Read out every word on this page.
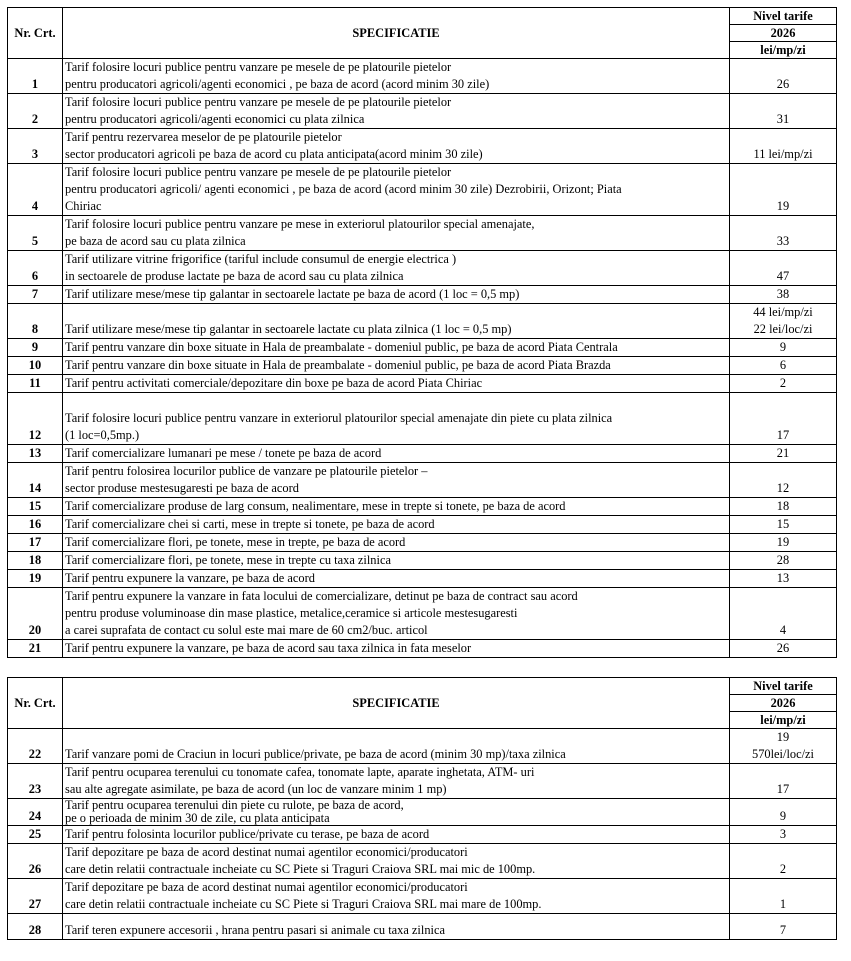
Nr. Crt.	SPECIFICATIE	Nivel tarife
		2026
		lei/mp/zi
1	Tarif folosire locuri publice pentru vanzare pe mesele de pe platourile pietelor
pentru producatori agricoli/agenti economici , pe baza de acord (acord minim 30 zile)	26

2	Tarif folosire locuri publice pentru vanzare pe mesele de pe platourile pietelor
pentru producatori agricoli/agenti economici cu plata zilnica	31

3	Tarif pentru rezervarea meselor de pe platourile pietelor
sector producatori agricoli pe baza de acord cu plata anticipata(acord minim 30 zile)	11 lei/mp/zi

4	Tarif folosire locuri publice pentru vanzare pe mesele de pe platourile pietelor
pentru producatori agricoli/ agenti economici , pe baza de acord (acord minim 30 zile) Dezrobirii, Orizont; Piata
Chiriac	19

5	Tarif folosire locuri publice pentru vanzare pe mese in exteriorul platourilor special amenajate,
pe baza de acord sau cu plata zilnica	33

6	Tarif utilizare vitrine frigorifice (tariful include consumul de energie electrica )
in sectoarele de produse lactate pe baza de acord sau cu plata zilnica	47

7	Tarif utilizare mese/mese tip galantar in sectoarele lactate pe baza de acord (1 loc = 0,5 mp)	38

8	Tarif utilizare mese/mese tip galantar in sectoarele lactate cu plata zilnica (1 loc = 0,5 mp)	44 lei/mp/zi
22 lei/loc/zi

9	Tarif pentru vanzare din boxe situate in Hala de preambalate - domeniul public, pe baza de acord Piata Centrala	9

10	Tarif pentru vanzare din boxe situate in Hala de preambalate - domeniul public, pe baza de acord Piata Brazda	6

11	Tarif pentru activitati comerciale/depozitare din boxe pe baza de acord Piata Chiriac	2

12	Tarif folosire locuri publice pentru vanzare in exteriorul platourilor special amenajate din piete cu plata zilnica
(1 loc=0,5mp.)	17

13	Tarif comercializare lumanari pe mese / tonete pe baza de acord	21

14	Tarif pentru folosirea locurilor publice de vanzare pe platourile pietelor –
sector produse mestesugaresti pe baza de acord	12

15	Tarif comercializare produse de larg consum, nealimentare, mese in trepte si tonete, pe baza de acord	18

16	Tarif comercializare chei si carti, mese in trepte si tonete, pe baza de acord	15

17	Tarif comercializare flori, pe tonete, mese in trepte, pe baza de acord	19

18	Tarif comercializare flori, pe tonete, mese in trepte cu taxa zilnica	28

19	Tarif pentru expunere la vanzare, pe baza de acord	13

20	Tarif pentru expunere la vanzare in fata locului de comercializare, detinut pe baza de contract sau acord
pentru produse voluminoase din mase plastice, metalice,ceramice si articole mestesugaresti
a carei suprafata de contact cu solul este mai mare de 60 cm2/buc. articol	4

21	Tarif pentru expunere la vanzare, pe baza de acord sau taxa zilnica in fata meselor	26
Nr. Crt.	SPECIFICATIE	Nivel tarife
		2026
		lei/mp/zi
22	Tarif vanzare pomi de Craciun in locuri publice/private, pe baza de acord (minim 30 mp)/taxa zilnica	19
570lei/loc/zi

23	Tarif pentru ocuparea terenului cu tonomate cafea, tonomate lapte, aparate inghetata, ATM- uri
sau alte agregate asimilate, pe baza de acord (un loc de vanzare minim 1 mp)	17

24	Tarif pentru ocuparea terenului din piete cu rulote, pe baza de acord,
pe o perioada de minim 30 de zile, cu plata anticipata	9

25	Tarif pentru folosinta locurilor publice/private cu terase, pe baza de acord	3

26	Tarif depozitare pe baza de acord destinat numai agentilor economici/producatori
care detin relatii contractuale incheiate cu SC Piete si Traguri Craiova SRL mai mic de 100mp.	2

27	Tarif depozitare pe baza de acord destinat numai agentilor economici/producatori
care detin relatii contractuale incheiate cu SC Piete si Traguri Craiova SRL mai mare de 100mp.	1

28	Tarif teren expunere accesorii , hrana pentru pasari si animale cu taxa zilnica	7
